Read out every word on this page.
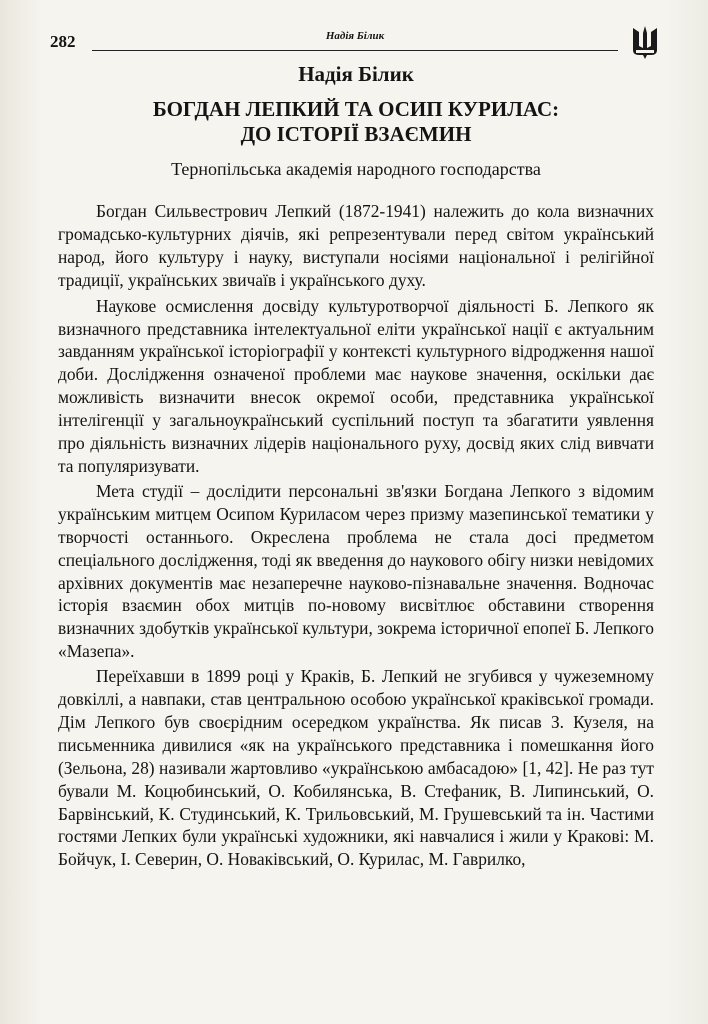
282	Надія Білик
Надія Білик
БОГДАН ЛЕПКИЙ ТА ОСИП КУРИЛАС:
ДО ІСТОРІЇ ВЗАЄМИН
Тернопільська академія народного господарства

Богдан Сильвестрович Лепкий (1872-1941) належить до кола визначних громадсько-культурних діячів, які репрезентували перед світом український народ, його культуру і науку, виступали носіями національної і релігійної традиції, українських звичаїв і українського духу.

Наукове осмислення досвіду культуротворчої діяльності Б. Лепкого як визначного представника інтелектуальної еліти української нації є актуальним завданням української історіографії у контексті культурного відродження нашої доби. Дослідження означеної проблеми має наукове значення, оскільки дає можливість визначити внесок окремої особи, представника української інтелігенції у загальноукраїнський суспільний поступ та збагатити уявлення про діяльність визначних лідерів національного руху, досвід яких слід вивчати та популяризувати.

Мета студії – дослідити персональні зв'язки Богдана Лепкого з відомим українським митцем Осипом Куриласом через призму мазепинської тематики у творчості останнього. Окреслена проблема не стала досі предметом спеціального дослідження, тоді як введення до наукового обігу низки невідомих архівних документів має незаперечне науково-пізнавальне значення. Водночас історія взаємин обох митців по-новому висвітлює обставини створення визначних здобутків української культури, зокрема історичної епопеї Б. Лепкого «Мазепа».

Переїхавши в 1899 році у Краків, Б. Лепкий не згубився у чужеземному довкіллі, а навпаки, став центральною особою української краківської громади. Дім Лепкого був своєрідним осередком українства. Як писав З. Кузеля, на письменника дивилися «як на українського представника і помешкання його (Зельона, 28) називали жартовливо «українською амбасадою» [1, 42]. Не раз тут бували М. Коцюбинський, О. Кобилянська, В. Стефаник, В. Липинський, О. Барвінський, К. Студинський, К. Трильовський, М. Грушевський та ін. Частими гостями Лепких були українські художники, які навчалися і жили у Кракові: М. Бойчук, І. Северин, О. Новаківський, О. Курилас, М. Гаврилко,
